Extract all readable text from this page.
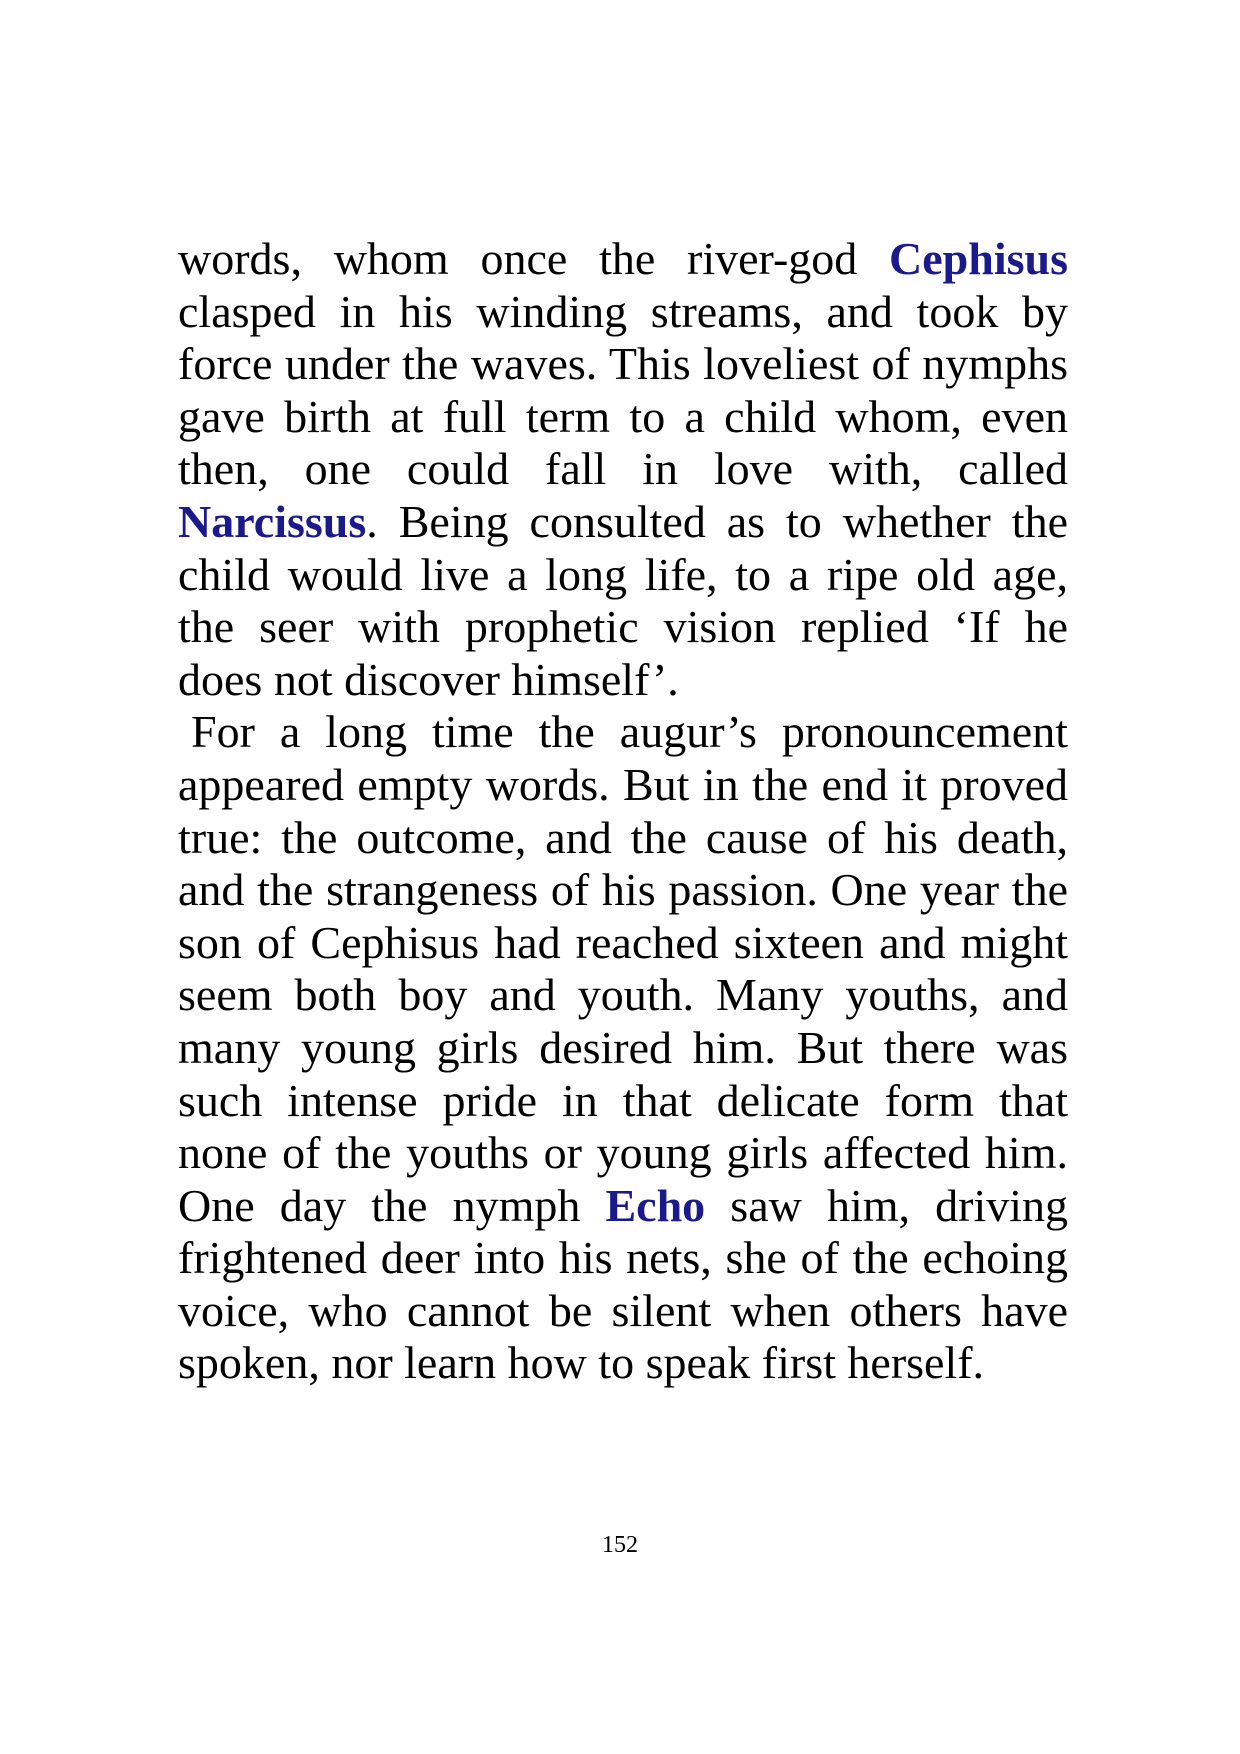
words, whom once the river-god Cephisus clasped in his winding streams, and took by force under the waves. This loveliest of nymphs gave birth at full term to a child whom, even then, one could fall in love with, called Narcissus. Being consulted as to whether the child would live a long life, to a ripe old age, the seer with prophetic vision replied ‘If he does not discover himself’.

For a long time the augur’s pronouncement appeared empty words. But in the end it proved true: the outcome, and the cause of his death, and the strangeness of his passion. One year the son of Cephisus had reached sixteen and might seem both boy and youth. Many youths, and many young girls desired him. But there was such intense pride in that delicate form that none of the youths or young girls affected him. One day the nymph Echo saw him, driving frightened deer into his nets, she of the echoing voice, who cannot be silent when others have spoken, nor learn how to speak first herself.

152
